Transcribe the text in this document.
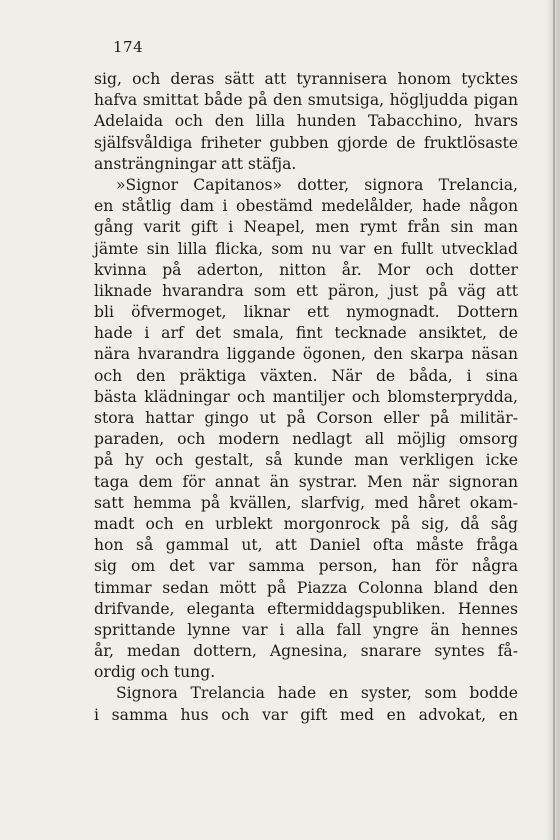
174
sig, och deras sätt att tyrannisera honom tycktes
hafva smittat både på den smutsiga, högljudda pigan
Adelaida och den lilla hunden Tabacchino, hvars
själfsvåldiga friheter gubben gjorde de fruktlösaste
ansträngningar att stäfja.
»Signor Capitanos» dotter, signora Trelancia,
en ståtlig dam i obestämd medelålder, hade någon
gång varit gift i Neapel, men rymt från sin man
jämte sin lilla flicka, som nu var en fullt utvecklad
kvinna på aderton, nitton år. Mor och dotter
liknade hvarandra som ett päron, just på väg att
bli öfvermoget, liknar ett nymognadt. Dottern
hade i arf det smala, fint tecknade ansiktet, de
nära hvarandra liggande ögonen, den skarpa näsan
och den präktiga växten. När de båda, i sina
bästa klädningar och mantiljer och blomsterprydda,
stora hattar gingo ut på Corson eller på militär-
paraden, och modern nedlagt all möjlig omsorg
på hy och gestalt, så kunde man verkligen icke
taga dem för annat än systrar. Men när signoran
satt hemma på kvällen, slarfvig, med håret okam-
madt och en urblekt morgonrock på sig, då såg
hon så gammal ut, att Daniel ofta måste fråga
sig om det var samma person, han för några
timmar sedan mött på Piazza Colonna bland den
drifvande, eleganta eftermiddagspubliken. Hennes
sprittande lynne var i alla fall yngre än hennes
år, medan dottern, Agnesina, snarare syntes få-
ordig och tung.
Signora Trelancia hade en syster, som bodde
i samma hus och var gift med en advokat, en
